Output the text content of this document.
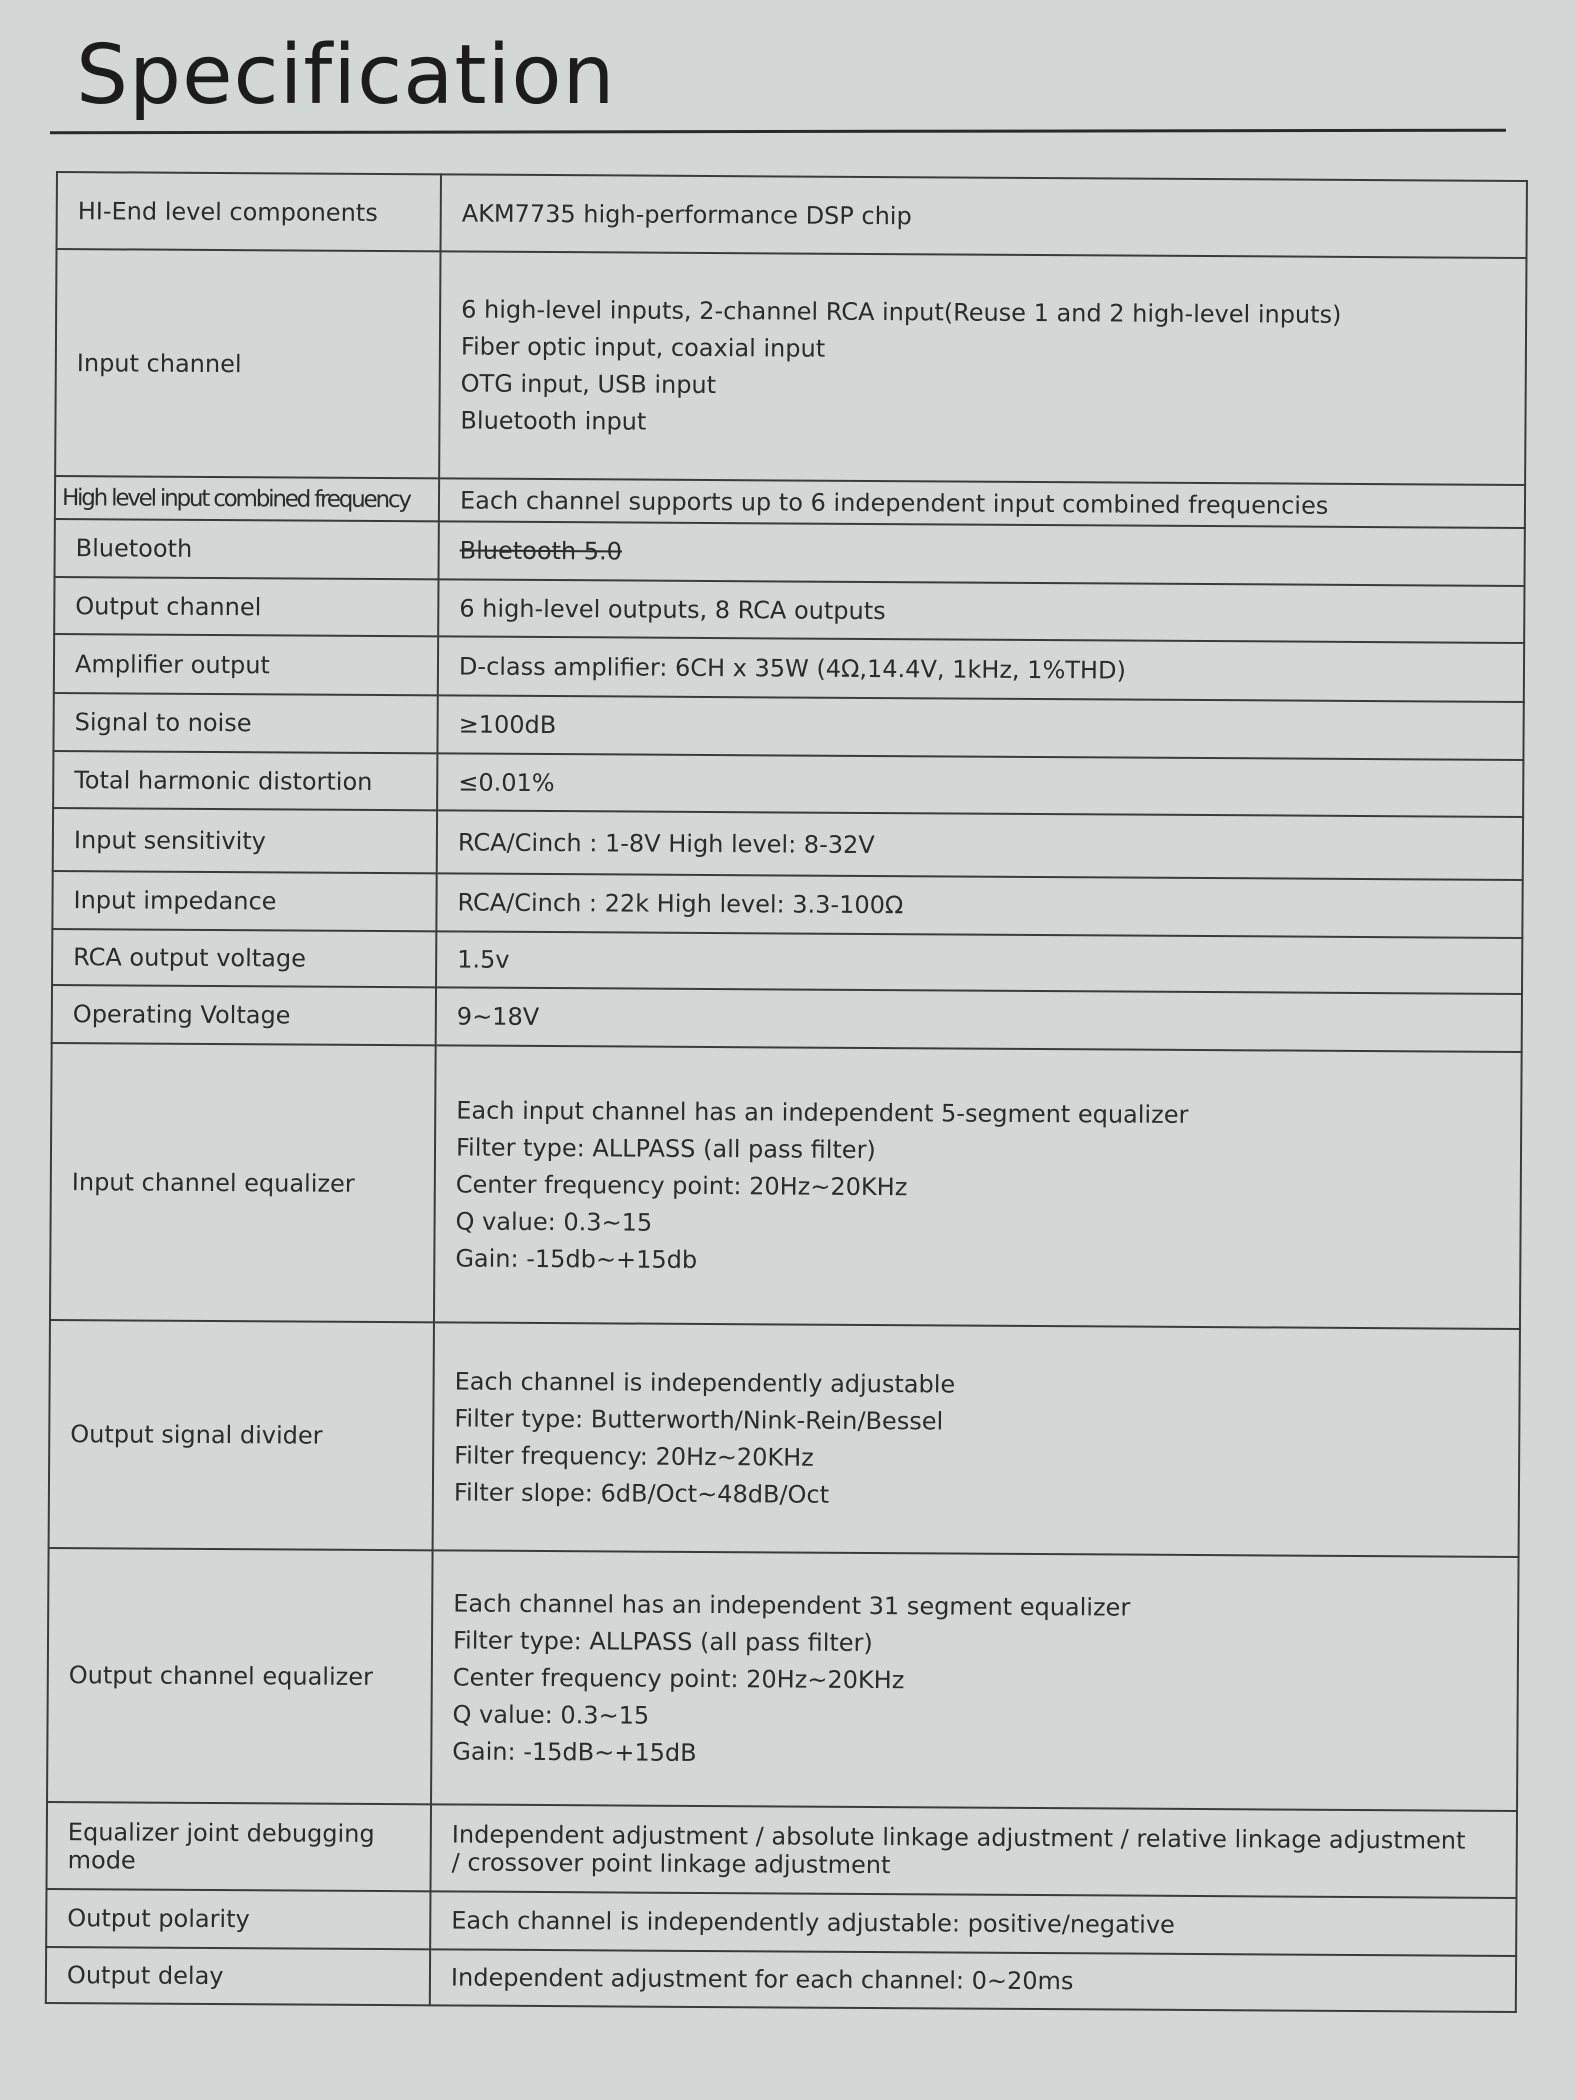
Specification
HI-End level components	AKM7735 high-performance DSP chip

Input channel	6 high-level inputs, 2-channel RCA input(Reuse 1 and 2 high-level inputs)
Fiber optic input, coaxial input
OTG input, USB input
Bluetooth input

High level input combined frequency	Each channel supports up to 6 independent input combined frequencies

Bluetooth	Bluetooth 5.0

Output channel	6 high-level outputs, 8 RCA outputs

Amplifier output	D-class amplifier: 6CH x 35W (4Ω,14.4V, 1kHz, 1%THD)

Signal to noise	≥100dB

Total harmonic distortion	≤0.01%

Input sensitivity	RCA/Cinch : 1-8V High level: 8-32V

Input impedance	RCA/Cinch : 22k High level: 3.3-100Ω

RCA output voltage	1.5v

Operating Voltage	9~18V

Input channel equalizer	Each input channel has an independent 5-segment equalizer
Filter type: ALLPASS (all pass filter)
Center frequency point: 20Hz~20KHz
Q value: 0.3~15
Gain: -15db~+15db

Output signal divider	Each channel is independently adjustable
Filter type: Butterworth/Nink-Rein/Bessel
Filter frequency: 20Hz~20KHz
Filter slope: 6dB/Oct~48dB/Oct

Output channel equalizer	Each channel has an independent 31 segment equalizer
Filter type: ALLPASS (all pass filter)
Center frequency point: 20Hz~20KHz
Q value: 0.3~15
Gain: -15dB~+15dB

Equalizer joint debugging mode	Independent adjustment / absolute linkage adjustment / relative linkage adjustment
/ crossover point linkage adjustment

Output polarity	Each channel is independently adjustable: positive/negative

Output delay	Independent adjustment for each channel: 0~20ms
